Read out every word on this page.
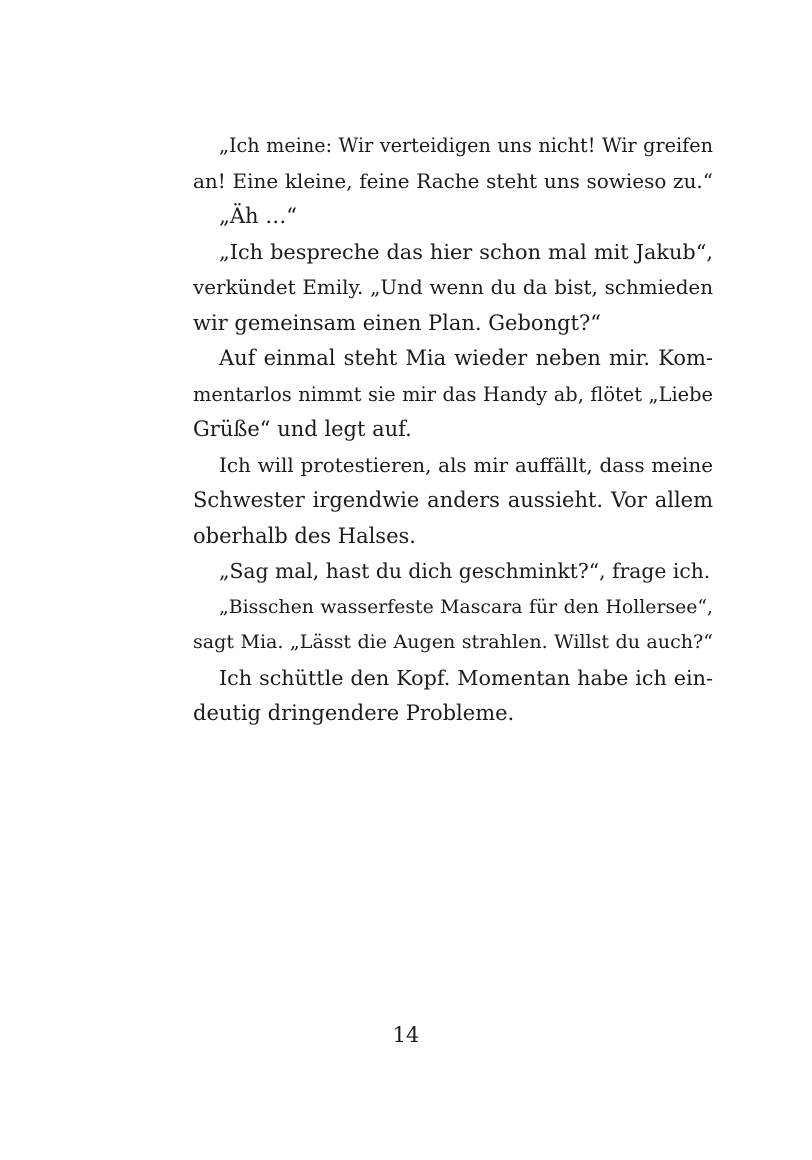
„Ich meine: Wir verteidigen uns nicht! Wir greifen
an! Eine kleine, feine Rache steht uns sowieso zu.“
„Äh …“
„Ich bespreche das hier schon mal mit Jakub“,
verkündet Emily. „Und wenn du da bist, schmieden
wir gemeinsam einen Plan. Gebongt?“
Auf einmal steht Mia wieder neben mir. Kom-
mentarlos nimmt sie mir das Handy ab, flötet „Liebe
Grüße“ und legt auf.
Ich will protestieren, als mir auffällt, dass meine
Schwester irgendwie anders aussieht. Vor allem
oberhalb des Halses.
„Sag mal, hast du dich geschminkt?“, frage ich.
„Bisschen wasserfeste Mascara für den Hollersee“,
sagt Mia. „Lässt die Augen strahlen. Willst du auch?“
Ich schüttle den Kopf. Momentan habe ich ein-
deutig dringendere Probleme.
14
